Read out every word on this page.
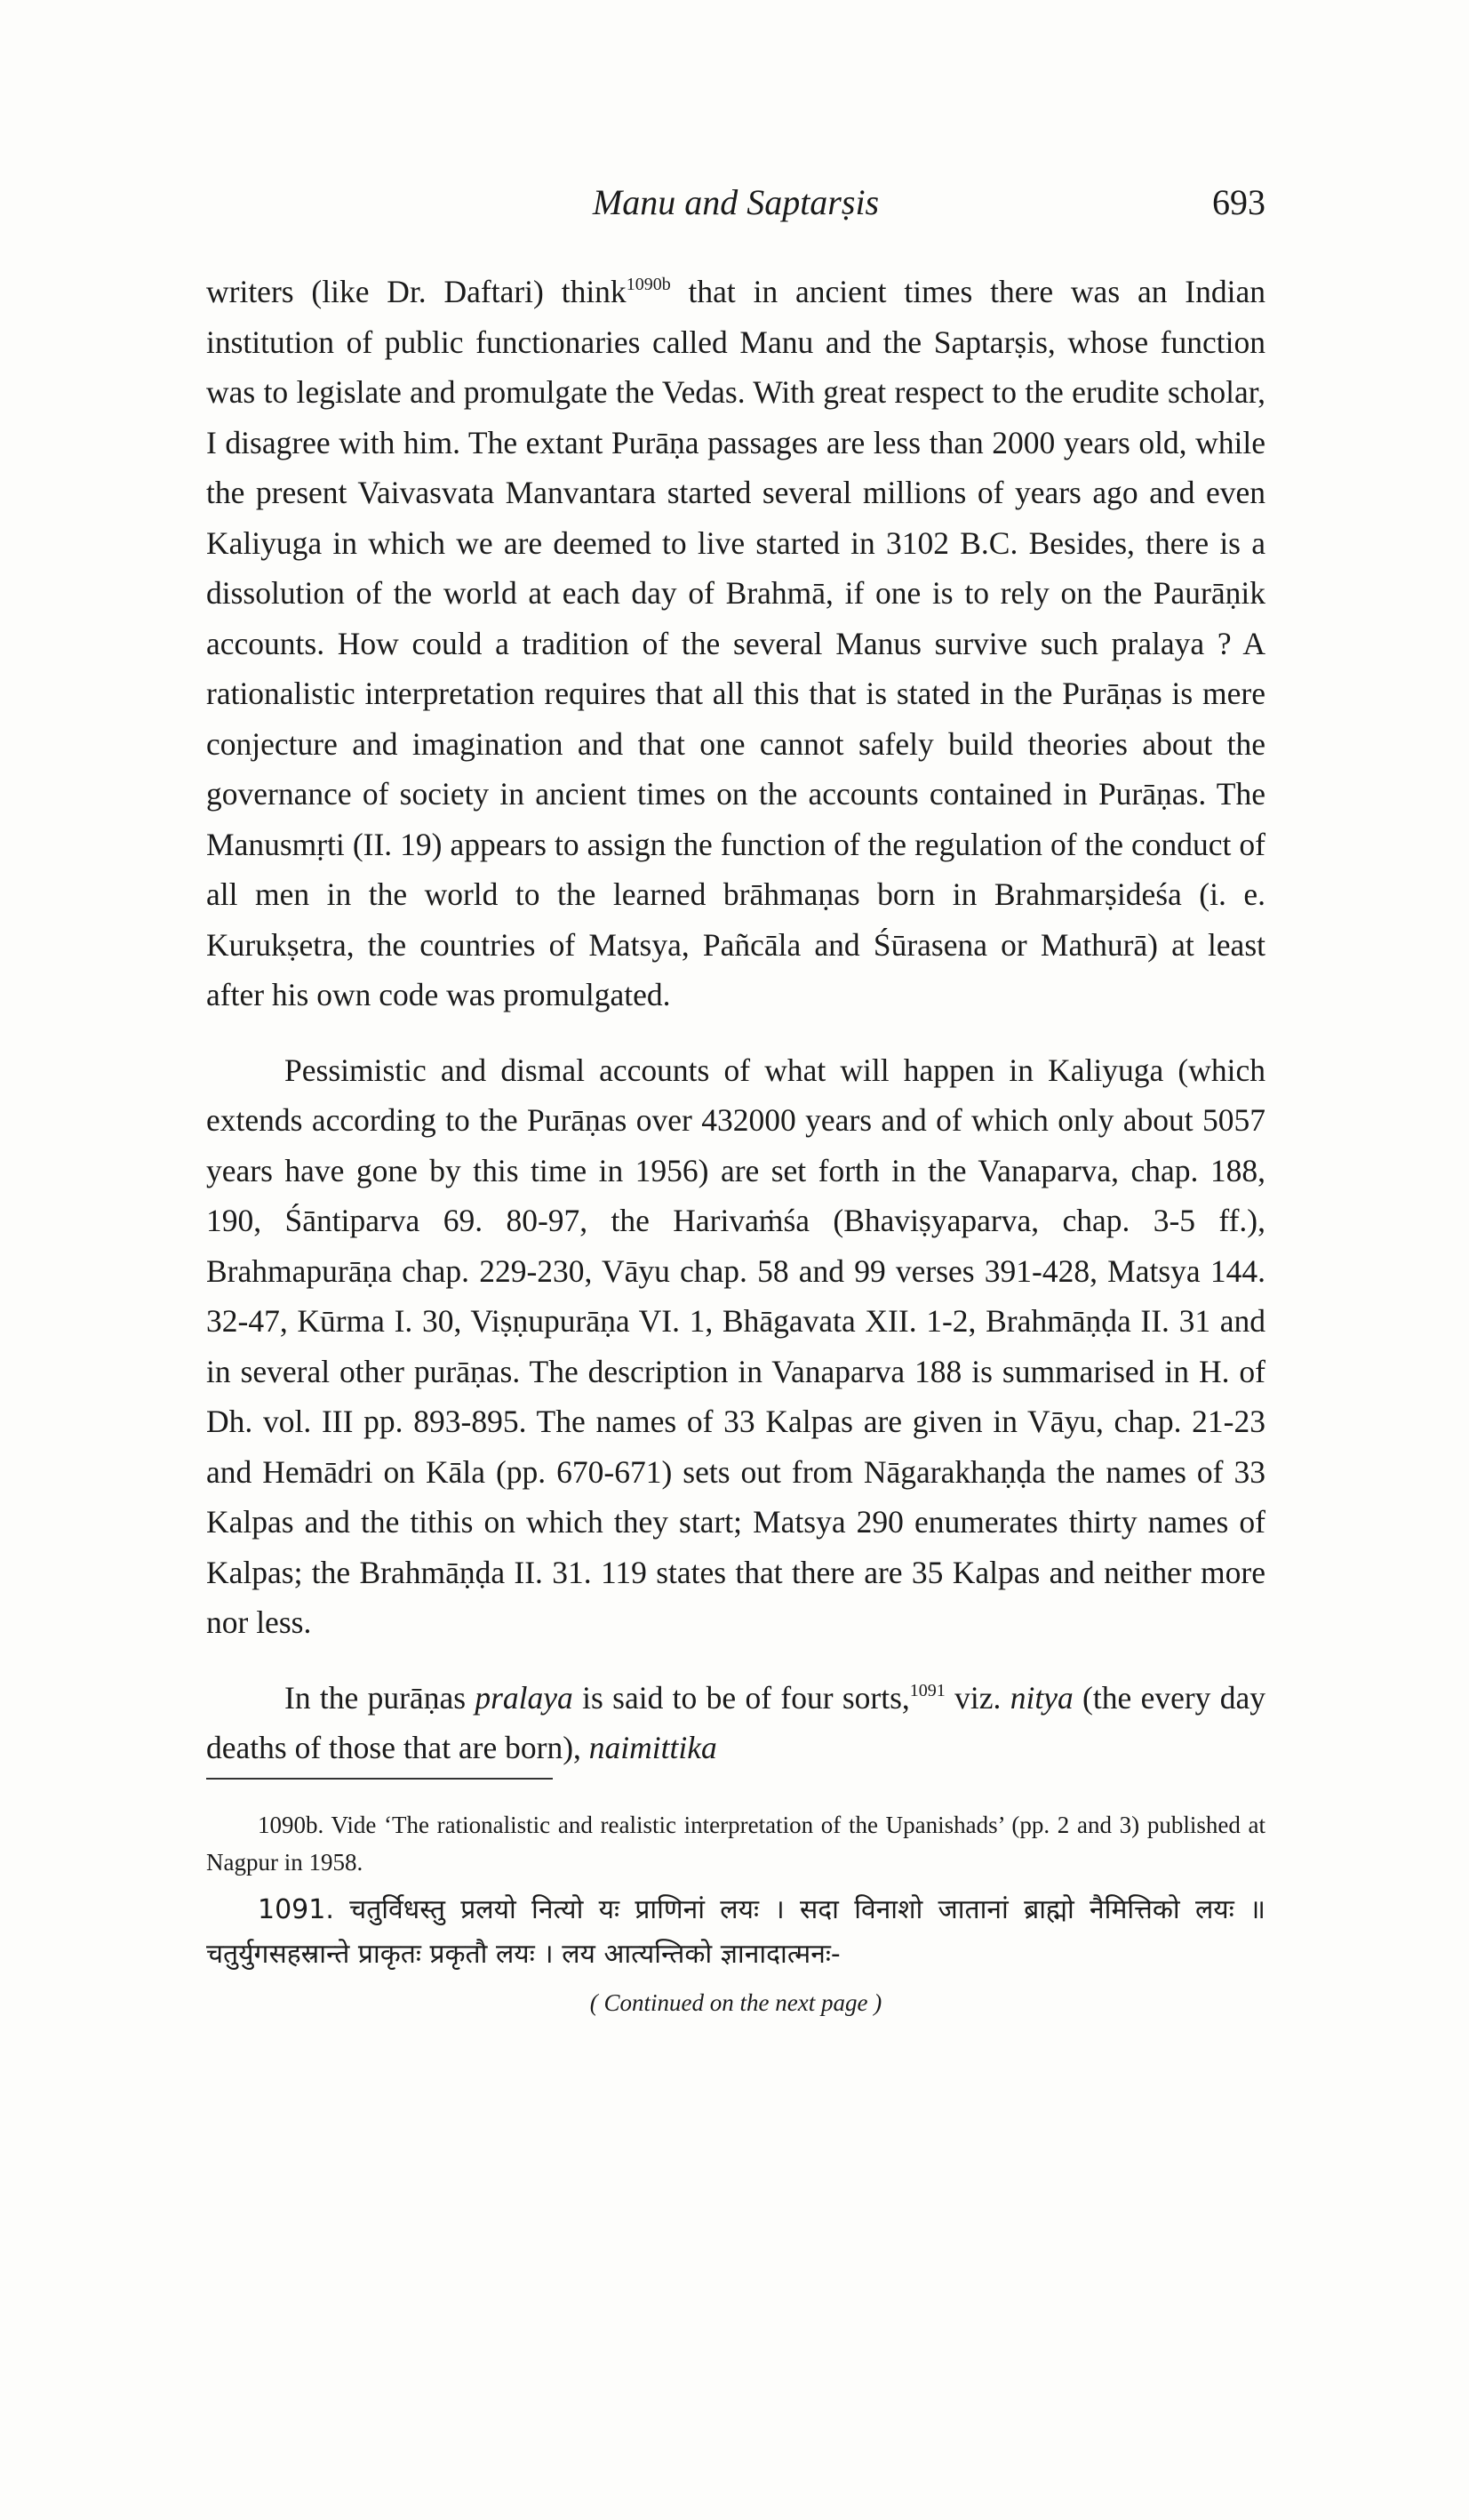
Manu and Saptarṣis	693

writers (like Dr. Daftari) think$^{1090b}$ that in ancient times there was an Indian institution of public functionaries called Manu and the Saptarṣis, whose function was to legislate and promulgate the Vedas. With great respect to the erudite scholar, I disagree with him. The extant Purāṇa passages are less than 2000 years old, while the present Vaivasvata Manvantara started several millions of years ago and even Kaliyuga in which we are deemed to live started in 3102 B.C. Besides, there is a dissolution of the world at each day of Brahmā, if one is to rely on the Paurāṇik accounts. How could a tradition of the several Manus survive such pralaya ? A rationalistic interpretation requires that all this that is stated in the Purāṇas is mere conjecture and imagination and that one cannot safely build theories about the governance of society in ancient times on the accounts contained in Purāṇas. The Manusmṛti (II. 19) appears to assign the function of the regulation of the conduct of all men in the world to the learned brāhmaṇas born in Brahmarṣideśa (i. e. Kurukṣetra, the countries of Matsya, Pañcāla and Śūrasena or Mathurā) at least after his own code was promulgated.

Pessimistic and dismal accounts of what will happen in Kaliyuga (which extends according to the Purāṇas over 432000 years and of which only about 5057 years have gone by this time in 1956) are set forth in the Vanaparva, chap. 188, 190, Śāntiparva 69. 80-97, the Harivaṁśa (Bhaviṣyaparva, chap. 3-5 ff.), Brahmapurāṇa chap. 229-230, Vāyu chap. 58 and 99 verses 391-428, Matsya 144. 32-47, Kūrma I. 30, Viṣṇupurāṇa VI. 1, Bhāgavata XII. 1-2, Brahmāṇḍa II. 31 and in several other purāṇas. The description in Vanaparva 188 is summarised in H. of Dh. vol. III pp. 893-895. The names of 33 Kalpas are given in Vāyu, chap. 21-23 and Hemādri on Kāla (pp. 670-671) sets out from Nāgarakhaṇḍa the names of 33 Kalpas and the tithis on which they start; Matsya 290 enumerates thirty names of Kalpas; the Brahmāṇḍa II. 31. 119 states that there are 35 Kalpas and neither more nor less.

In the purāṇas pralaya is said to be of four sorts,$^{1091}$ viz. nitya (the every day deaths of those that are born), naimittika

1090b. Vide ‘The rationalistic and realistic interpretation of the Upanishads’ (pp. 2 and 3) published at Nagpur in 1958.

1091. चतुर्विधस्तु प्रलयो नित्यो यः प्राणिनां लयः । सदा विनाशो जातानां ब्राह्मो नैमित्तिको लयः ॥ चतुर्युगसहस्रान्ते प्राकृतः प्रकृतौ लयः । लय आत्यन्तिको ज्ञानादात्मनः-

( Continued on the next page )
